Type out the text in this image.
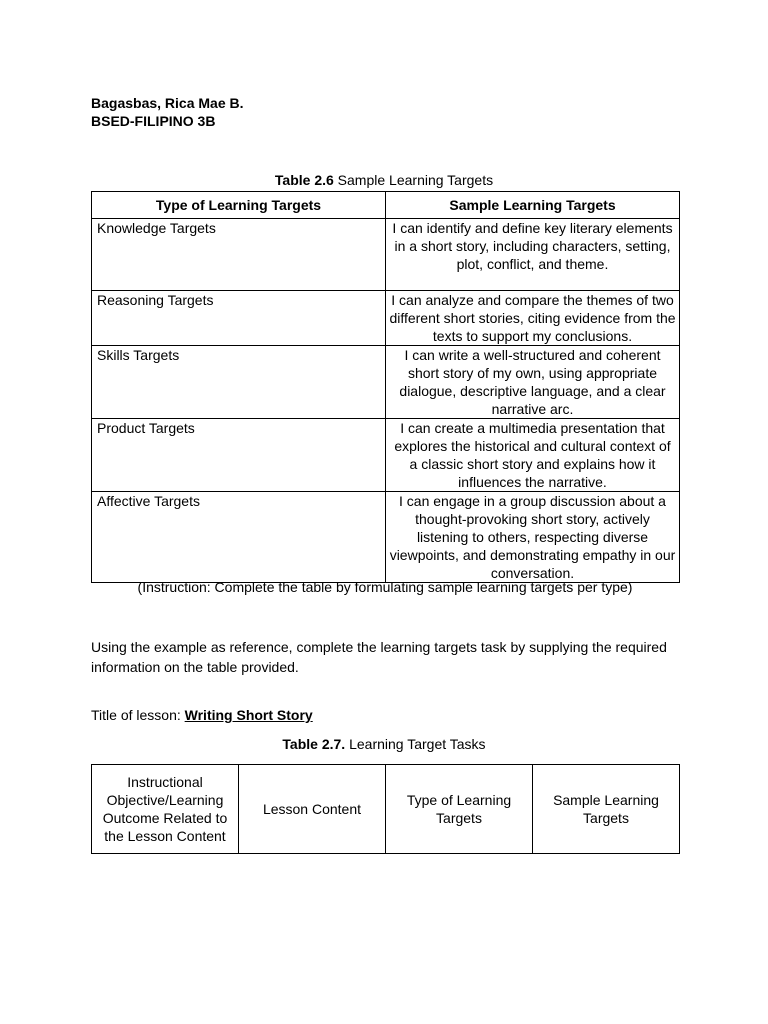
Bagasbas, Rica Mae B.
BSED-FILIPINO 3B
Table 2.6 Sample Learning Targets
Type of Learning Targets	Sample Learning Targets
Knowledge Targets	I can identify and define key literary elements in a short story, including characters, setting, plot, conflict, and theme.
Reasoning Targets	I can analyze and compare the themes of two different short stories, citing evidence from the texts to support my conclusions.
Skills Targets	I can write a well-structured and coherent short story of my own, using appropriate dialogue, descriptive language, and a clear narrative arc.
Product Targets	I can create a multimedia presentation that explores the historical and cultural context of a classic short story and explains how it influences the narrative.
Affective Targets	I can engage in a group discussion about a thought-provoking short story, actively listening to others, respecting diverse viewpoints, and demonstrating empathy in our conversation.
(Instruction: Complete the table by formulating sample learning targets per type)
Using the example as reference, complete the learning targets task by supplying the required information on the table provided.
Title of lesson: Writing Short Story
Table 2.7. Learning Target Tasks
Instructional Objective/Learning Outcome Related to the Lesson Content	Lesson Content	Type of Learning Targets	Sample Learning Targets
